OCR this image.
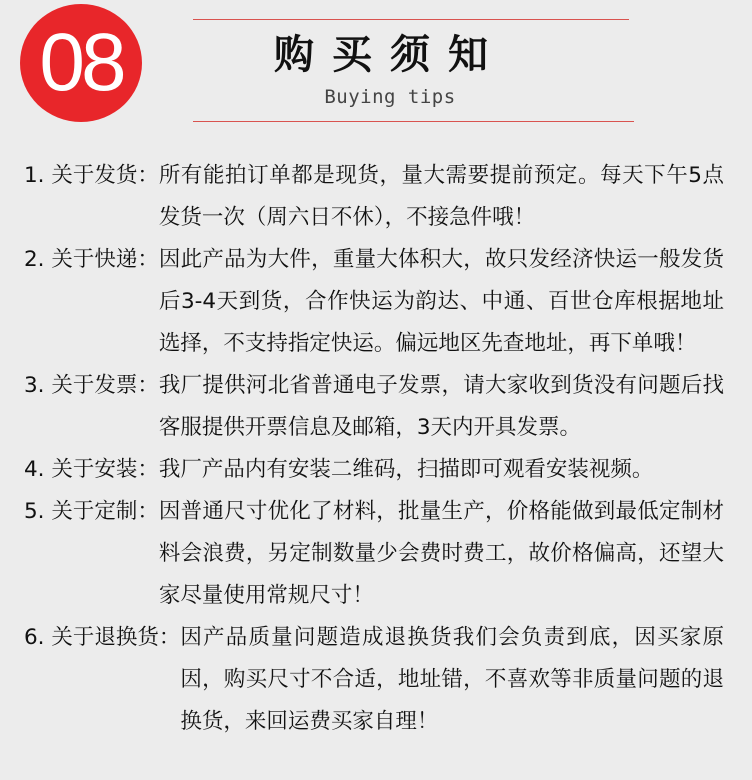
08	购买须知
Buying tips
1. 关于发货： 所有能拍订单都是现货，量大需要提前预定。每天下午5点发货一次（周六日不休），不接急件哦！
2. 关于快递： 因此产品为大件，重量大体积大，故只发经济快运一般发货后3-4天到货，合作快运为韵达、中通、百世仓库根据地址选择，不支持指定快运。偏远地区先查地址，再下单哦！
3. 关于发票： 我厂提供河北省普通电子发票，请大家收到货没有问题后找客服提供开票信息及邮箱，3天内开具发票。
4. 关于安装： 我厂产品内有安装二维码，扫描即可观看安装视频。
5. 关于定制： 因普通尺寸优化了材料，批量生产，价格能做到最低定制材料会浪费，另定制数量少会费时费工，故价格偏高，还望大家尽量使用常规尺寸！
6. 关于退换货： 因产品质量问题造成退换货我们会负责到底，因买家原因，购买尺寸不合适，地址错，不喜欢等非质量问题的退换货，来回运费买家自理！
